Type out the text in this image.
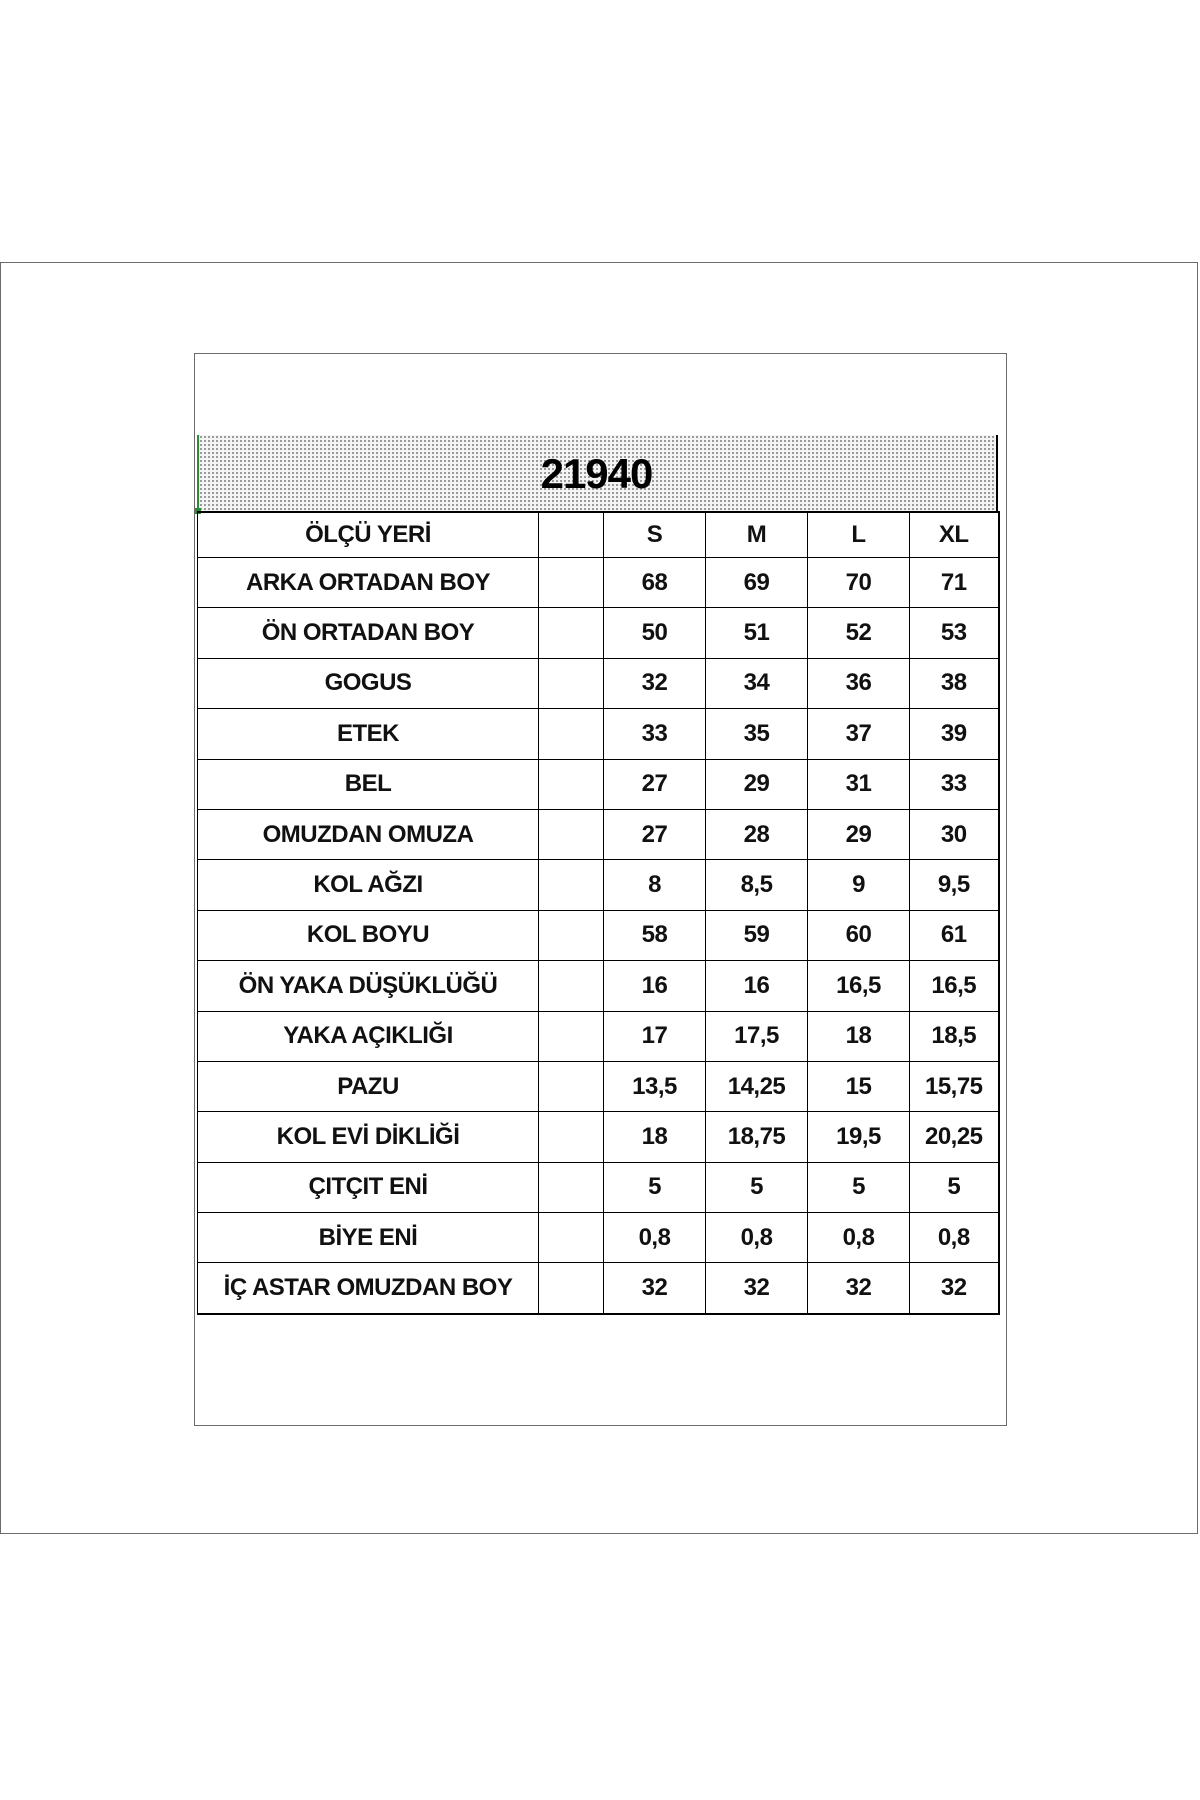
21940
ÖLÇÜ YERİ		S	M	L	XL
ARKA ORTADAN BOY		68	69	70	71
ÖN ORTADAN BOY		50	51	52	53
GOGUS		32	34	36	38
ETEK		33	35	37	39
BEL		27	29	31	33
OMUZDAN OMUZA		27	28	29	30
KOL AĞZI		8	8,5	9	9,5
KOL BOYU		58	59	60	61
ÖN YAKA DÜŞÜKLÜĞÜ		16	16	16,5	16,5
YAKA AÇIKLIĞI		17	17,5	18	18,5
PAZU		13,5	14,25	15	15,75
KOL EVİ DİKLİĞİ		18	18,75	19,5	20,25
ÇITÇIT ENİ		5	5	5	5
BİYE ENİ		0,8	0,8	0,8	0,8
İÇ ASTAR OMUZDAN BOY		32	32	32	32
